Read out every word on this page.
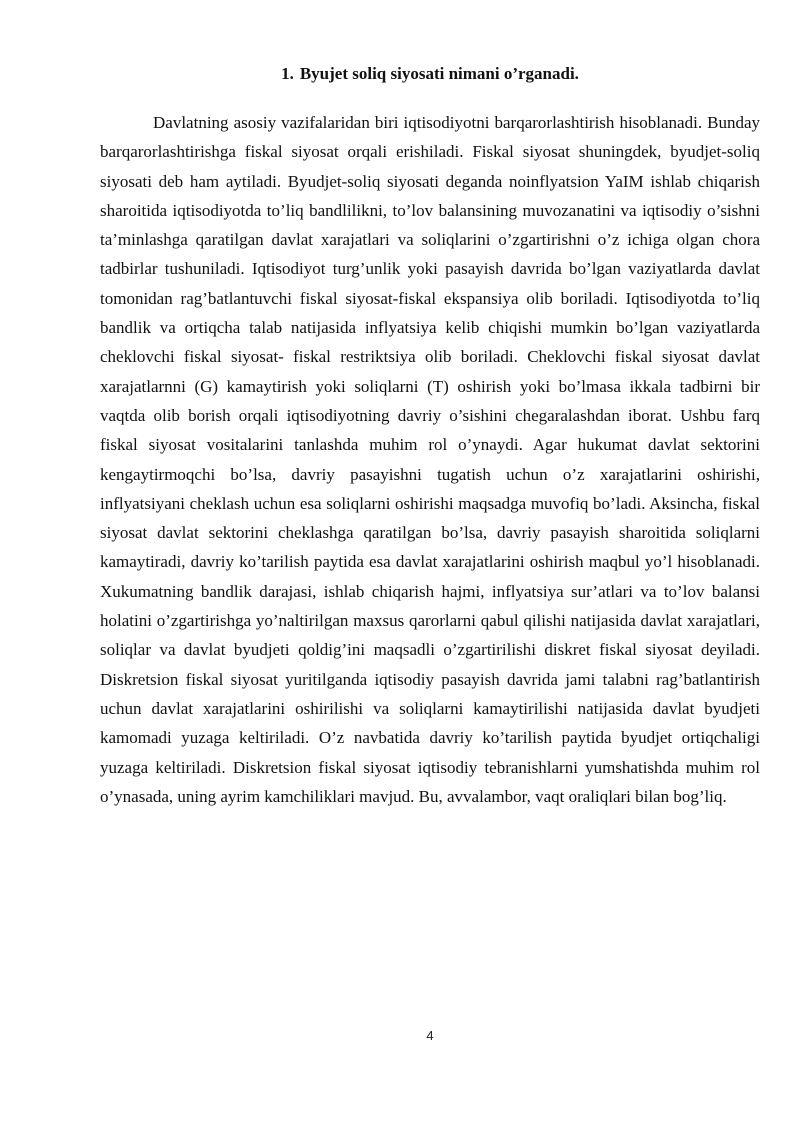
1. Byujet soliq siyosati nimani o’rganadi.

Davlatning asosiy vazifalaridan biri iqtisodiyotni barqarorlashtirish hisoblanadi. Bunday barqarorlashtirishga fiskal siyosat orqali erishiladi. Fiskal siyosat shuningdek, byudjet-soliq siyosati deb ham aytiladi. Byudjet-soliq siyosati deganda noinflyatsion YaIM ishlab chiqarish sharoitida iqtisodiyotda to’liq bandlilikni, to’lov balansining muvozanatini va iqtisodiy o’sishni ta’minlashga qaratilgan davlat xarajatlari va soliqlarini o’zgartirishni o’z ichiga olgan chora tadbirlar tushuniladi. Iqtisodiyot turg’unlik yoki pasayish davrida bo’lgan vaziyatlarda davlat tomonidan rag’batlantuvchi fiskal siyosat-fiskal ekspansiya olib boriladi. Iqtisodiyotda to’liq bandlik va ortiqcha talab natijasida inflyatsiya kelib chiqishi mumkin bo’lgan vaziyatlarda cheklovchi fiskal siyosat- fiskal restriktsiya olib boriladi. Cheklovchi fiskal siyosat davlat xarajatlarnni (G) kamaytirish yoki soliqlarni (T) oshirish yoki bo’lmasa ikkala tadbirni bir vaqtda olib borish orqali iqtisodiyotning davriy o’sishini chegaralashdan iborat. Ushbu farq fiskal siyosat vositalarini tanlashda muhim rol o’ynaydi. Agar hukumat davlat sektorini kengaytirmoqchi bo’lsa, davriy pasayishni tugatish uchun o’z xarajatlarini oshirishi, inflyatsiyani cheklash uchun esa soliqlarni oshirishi maqsadga muvofiq bo’ladi. Aksincha, fiskal siyosat davlat sektorini cheklashga qaratilgan bo’lsa, davriy pasayish sharoitida soliqlarni kamaytiradi, davriy ko’tarilish paytida esa davlat xarajatlarini oshirish maqbul yo’l hisoblanadi. Xukumatning bandlik darajasi, ishlab chiqarish hajmi, inflyatsiya sur’atlari va to’lov balansi holatini o’zgartirishga yo’naltirilgan maxsus qarorlarni qabul qilishi natijasida davlat xarajatlari, soliqlar va davlat byudjeti qoldig’ini maqsadli o’zgartirilishi diskret fiskal siyosat deyiladi. Diskretsion fiskal siyosat yuritilganda iqtisodiy pasayish davrida jami talabni rag’batlantirish uchun davlat xarajatlarini oshirilishi va soliqlarni kamaytirilishi natijasida davlat byudjeti kamomadi yuzaga keltiriladi. O’z navbatida davriy ko’tarilish paytida byudjet ortiqchaligi yuzaga keltiriladi. Diskretsion fiskal siyosat iqtisodiy tebranishlarni yumshatishda muhim rol o’ynasada, uning ayrim kamchiliklari mavjud. Bu, avvalambor, vaqt oraliqlari bilan bog’liq.

4
